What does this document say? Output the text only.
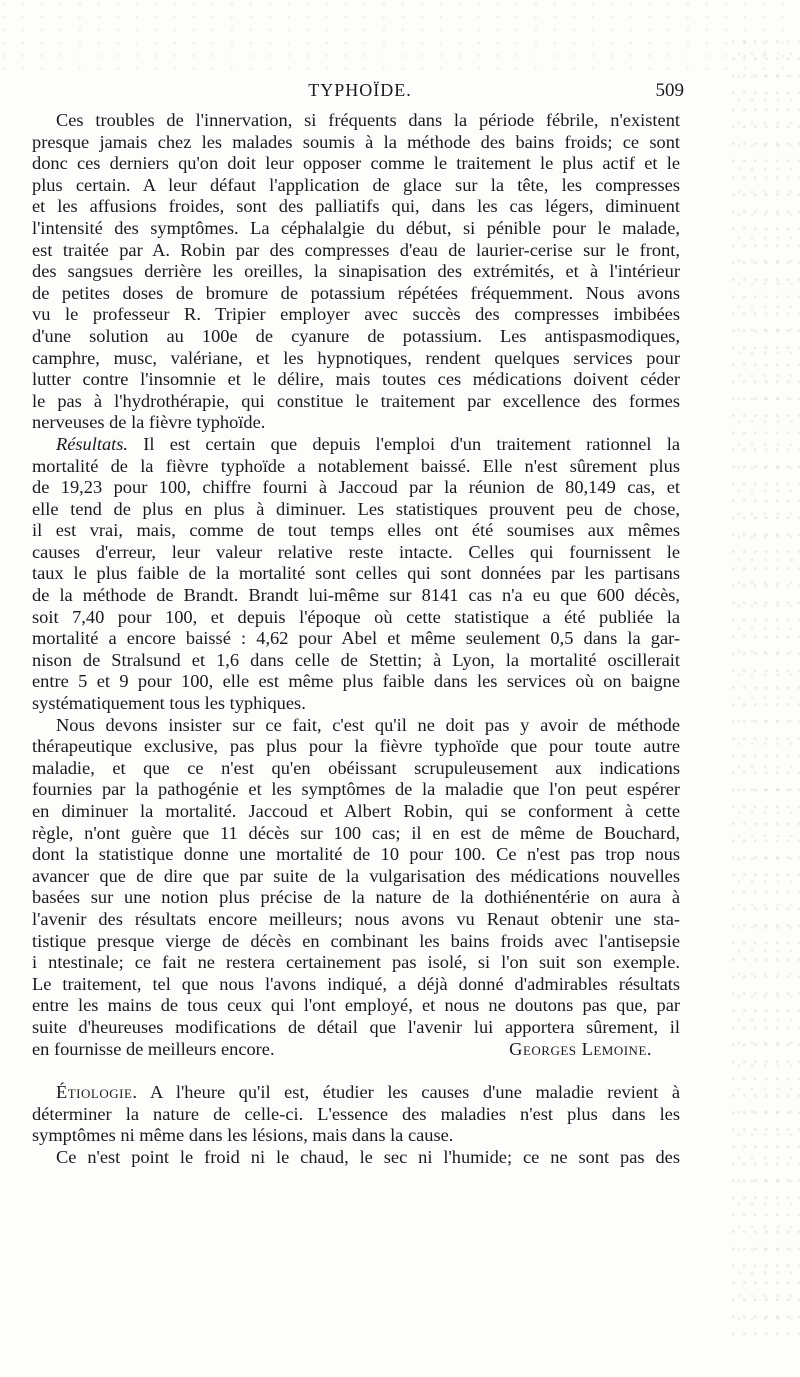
TYPHOÏDE.	509
Ces troubles de l'innervation, si fréquents dans la période fébrile, n'existent
presque jamais chez les malades soumis à la méthode des bains froids; ce sont
donc ces derniers qu'on doit leur opposer comme le traitement le plus actif et le
plus certain. A leur défaut l'application de glace sur la tête, les compresses
et les affusions froides, sont des palliatifs qui, dans les cas légers, diminuent
l'intensité des symptômes. La céphalalgie du début, si pénible pour le malade,
est traitée par A. Robin par des compresses d'eau de laurier-cerise sur le front,
des sangsues derrière les oreilles, la sinapisation des extrémités, et à l'intérieur
de petites doses de bromure de potassium répétées fréquemment. Nous avons
vu le professeur R. Tripier employer avec succès des compresses imbibées
d'une solution au 100e de cyanure de potassium. Les antispasmodiques,
camphre, musc, valériane, et les hypnotiques, rendent quelques services pour
lutter contre l'insomnie et le délire, mais toutes ces médications doivent céder
le pas à l'hydrothérapie, qui constitue le traitement par excellence des formes
nerveuses de la fièvre typhoïde.
Résultats. Il est certain que depuis l'emploi d'un traitement rationnel la
mortalité de la fièvre typhoïde a notablement baissé. Elle n'est sûrement plus
de 19,23 pour 100, chiffre fourni à Jaccoud par la réunion de 80,149 cas, et
elle tend de plus en plus à diminuer. Les statistiques prouvent peu de chose,
il est vrai, mais, comme de tout temps elles ont été soumises aux mêmes
causes d'erreur, leur valeur relative reste intacte. Celles qui fournissent le
taux le plus faible de la mortalité sont celles qui sont données par les partisans
de la méthode de Brandt. Brandt lui-même sur 8141 cas n'a eu que 600 décès,
soit 7,40 pour 100, et depuis l'époque où cette statistique a été publiée la
mortalité a encore baissé : 4,62 pour Abel et même seulement 0,5 dans la gar-
nison de Stralsund et 1,6 dans celle de Stettin; à Lyon, la mortalité oscillerait
entre 5 et 9 pour 100, elle est même plus faible dans les services où on baigne
systématiquement tous les typhiques.
Nous devons insister sur ce fait, c'est qu'il ne doit pas y avoir de méthode
thérapeutique exclusive, pas plus pour la fièvre typhoïde que pour toute autre
maladie, et que ce n'est qu'en obéissant scrupuleusement aux indications
fournies par la pathogénie et les symptômes de la maladie que l'on peut espérer
en diminuer la mortalité. Jaccoud et Albert Robin, qui se conforment à cette
règle, n'ont guère que 11 décès sur 100 cas; il en est de même de Bouchard,
dont la statistique donne une mortalité de 10 pour 100. Ce n'est pas trop nous
avancer que de dire que par suite de la vulgarisation des médications nouvelles
basées sur une notion plus précise de la nature de la dothiénentérie on aura à
l'avenir des résultats encore meilleurs; nous avons vu Renaut obtenir une sta-
tistique presque vierge de décès en combinant les bains froids avec l'antisepsie
i ntestinale; ce fait ne restera certainement pas isolé, si l'on suit son exemple.
Le traitement, tel que nous l'avons indiqué, a déjà donné d'admirables résultats
entre les mains de tous ceux qui l'ont employé, et nous ne doutons pas que, par
suite d'heureuses modifications de détail que l'avenir lui apportera sûrement, il
en fournisse de meilleurs encore.	Georges Lemoine.
Étiologie. A l'heure qu'il est, étudier les causes d'une maladie revient à
déterminer la nature de celle-ci. L'essence des maladies n'est plus dans les
symptômes ni même dans les lésions, mais dans la cause.
Ce n'est point le froid ni le chaud, le sec ni l'humide; ce ne sont pas des
